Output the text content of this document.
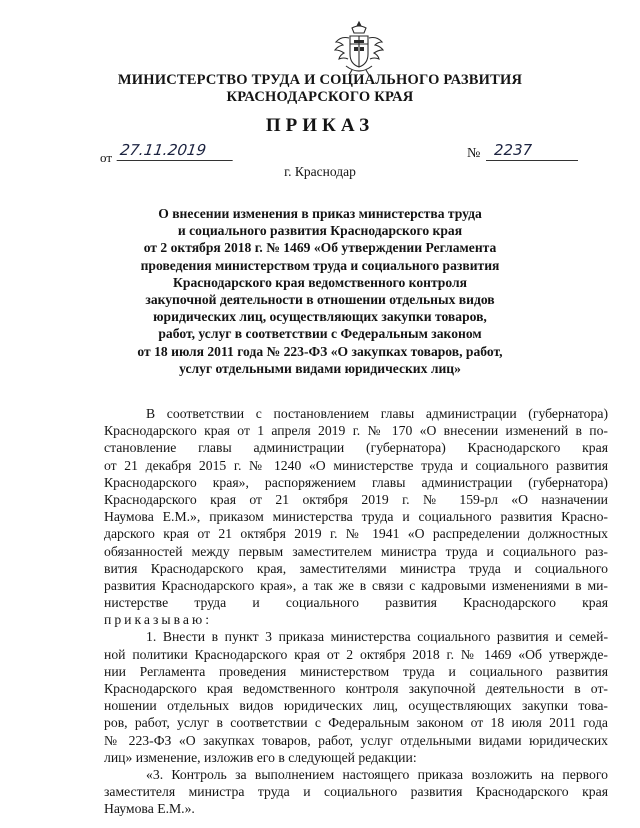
МИНИСТЕРСТВО ТРУДА И СОЦИАЛЬНОГО РАЗВИТИЯ
КРАСНОДАРСКОГО КРАЯ
ПРИКАЗ
от 27.11.2019	№ 2237
г. Краснодар
О внесении изменения в приказ министерства труда
и социального развития Краснодарского края
от 2 октября 2018 г. № 1469 «Об утверждении Регламента
проведения министерством труда и социального развития
Краснодарского края ведомственного контроля
закупочной деятельности в отношении отдельных видов
юридических лиц, осуществляющих закупки товаров,
работ, услуг в соответствии с Федеральным законом
от 18 июля 2011 года № 223-ФЗ «О закупках товаров, работ,
услуг отдельными видами юридических лиц»
В соответствии с постановлением главы администрации (губернатора)
Краснодарского края от 1 апреля 2019 г. № 170 «О внесении изменений в по-
становление главы администрации (губернатора) Краснодарского края
от 21 декабря 2015 г. № 1240 «О министерстве труда и социального развития
Краснодарского края», распоряжением главы администрации (губернатора)
Краснодарского края от 21 октября 2019 г. № 159-рл «О назначении
Наумова Е.М.», приказом министерства труда и социального развития Красно-
дарского края от 21 октября 2019 г. № 1941 «О распределении должностных
обязанностей между первым заместителем министра труда и социального раз-
вития Краснодарского края, заместителями министра труда и социального
развития Краснодарского края», а так же в связи с кадровыми изменениями в ми-
нистерстве труда и социального развития Краснодарского края
приказываю:
1. Внести в пункт 3 приказа министерства социального развития и семей-
ной политики Краснодарского края от 2 октября 2018 г. № 1469 «Об утвержде-
нии Регламента проведения министерством труда и социального развития
Краснодарского края ведомственного контроля закупочной деятельности в от-
ношении отдельных видов юридических лиц, осуществляющих закупки това-
ров, работ, услуг в соответствии с Федеральным законом от 18 июля 2011 года
№ 223-ФЗ «О закупках товаров, работ, услуг отдельными видами юридических
лиц» изменение, изложив его в следующей редакции:
«3. Контроль за выполнением настоящего приказа возложить на первого
заместителя министра труда и социального развития Краснодарского края
Наумова Е.М.».
